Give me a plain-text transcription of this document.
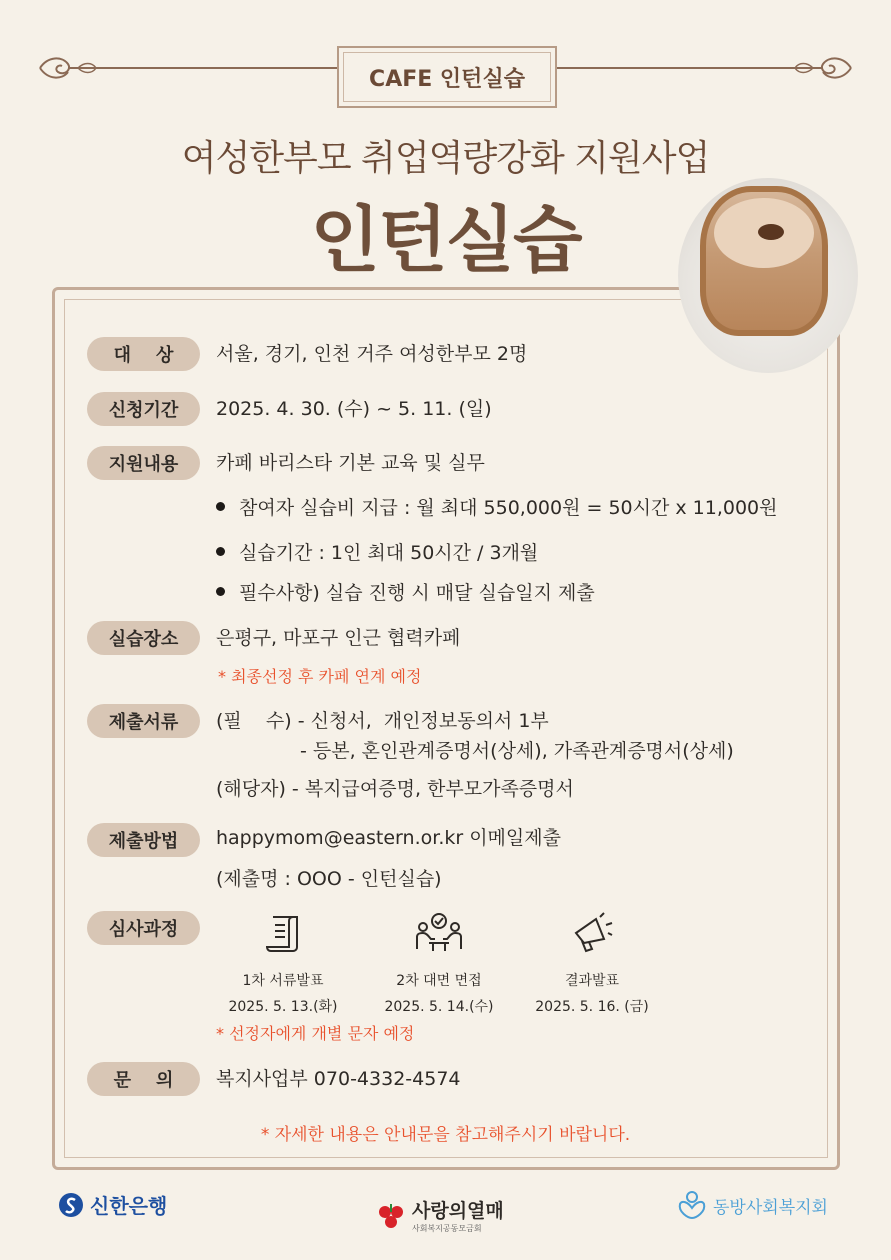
CAFE 인턴실습
여성한부모 취업역량강화 지원사업
인턴실습
대    상	서울, 경기, 인천 거주 여성한부모 2명
신청기간	2025. 4. 30. (수) ~ 5. 11. (일)
지원내용	카페 바리스타 기본 교육 및 실무
참여자 실습비 지급 : 월 최대 550,000원 = 50시간 x 11,000원
실습기간 : 1인 최대 50시간 / 3개월
필수사항) 실습 진행 시 매달 실습일지 제출
실습장소	은평구, 마포구 인근 협력카페
* 최종선정 후 카페 연계 예정
제출서류	(필    수) - 신청서,  개인정보동의서 1부
- 등본, 혼인관계증명서(상세), 가족관계증명서(상세)
(해당자) - 복지급여증명, 한부모가족증명서
제출방법	happymom@eastern.or.kr 이메일제출
(제출명 : OOO - 인턴실습)
심사과정
1차 서류발표
2025. 5. 13.(화)
2차 대면 면접
2025. 5. 14.(수)
결과발표
2025. 5. 16. (금)
* 선정자에게 개별 문자 예정
문    의	복지사업부 070-4332-4574
* 자세한 내용은 안내문을 참고해주시기 바랍니다.
신한은행	사랑의열매
사회복지공동모금회
동방사회복지회
